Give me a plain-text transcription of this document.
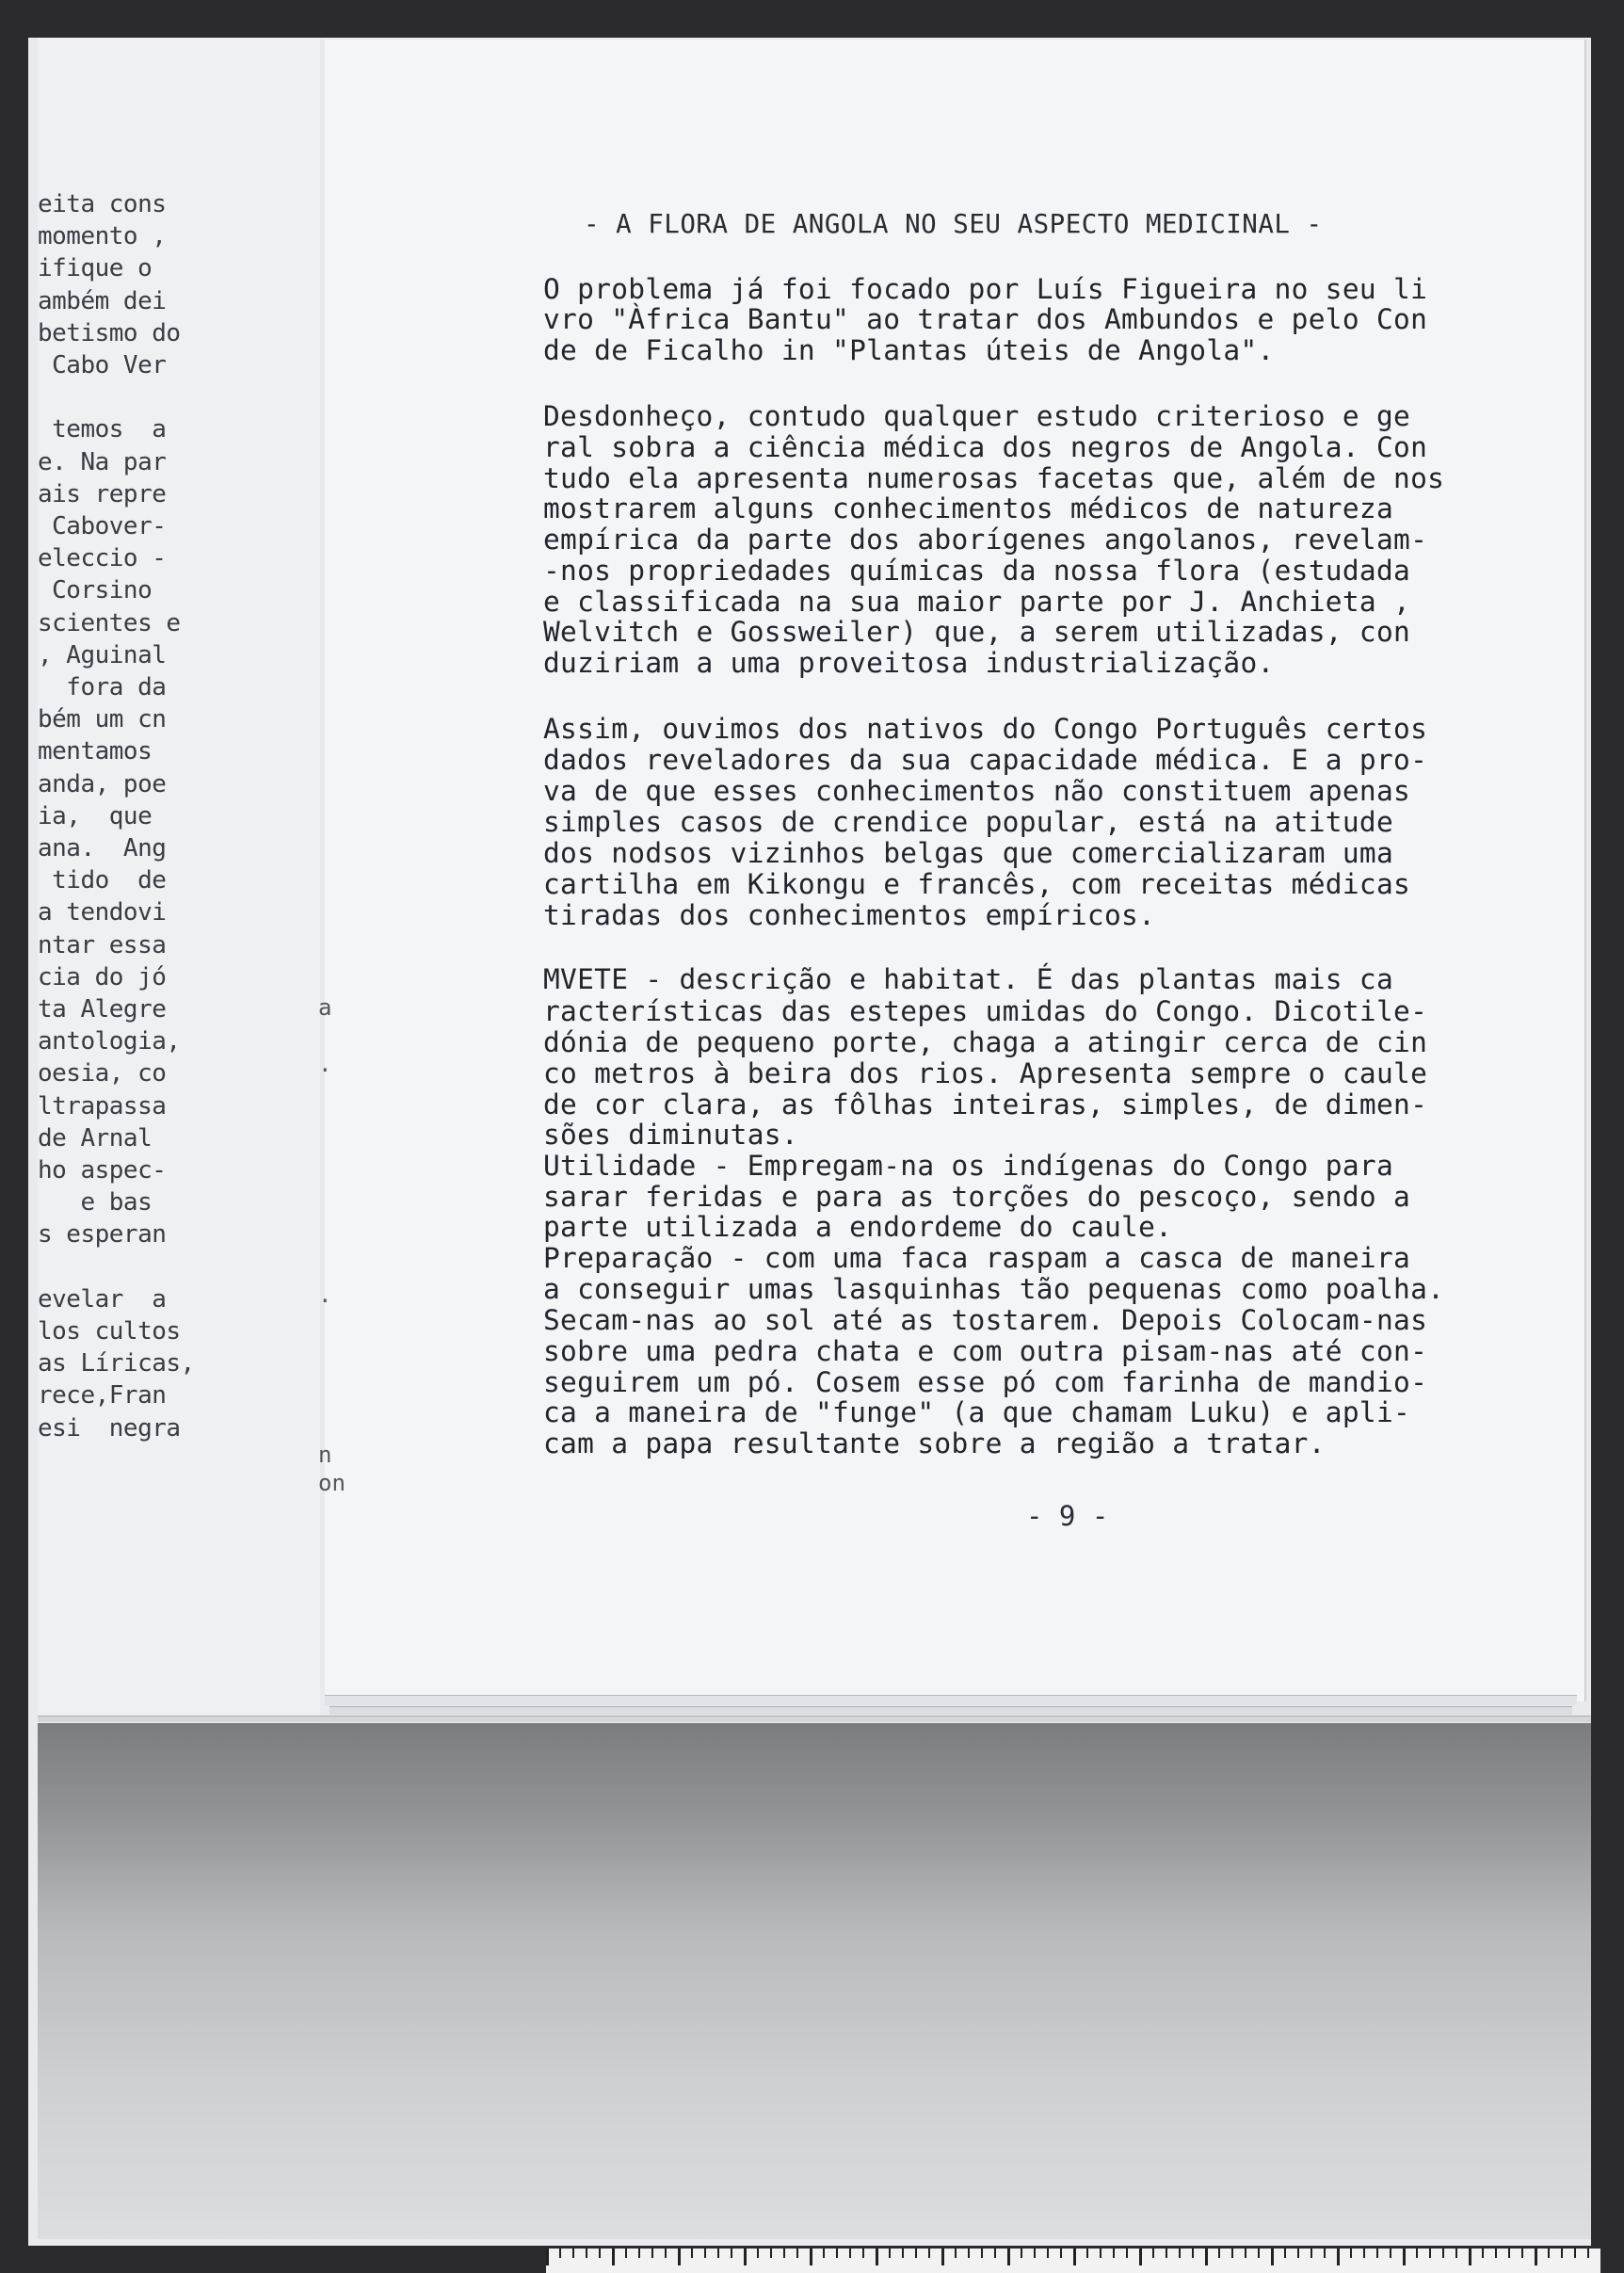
eita cons
momento ,
ifique o
ambém dei
betismo do
Cabo Ver
temos  a
e. Na par
ais repre
Cabover-
eleccio -
Corsino
scientes e
, Aguinal
fora da
bém um cn
mentamos
anda, poe
ia,  que
ana.  Ang
tido  de
a tendovi
ntar essa
cia do jó
ta Alegre
antologia,
oesia, co
ltrapassa
de Arnal
ho aspec-
e bas
s esperan
evelar  a
los cultos
as Líricas,
rece,Fran
esi  negra
- A FLORA DE ANGOLA NO SEU ASPECTO MEDICINAL -
O problema já foi focado por Luís Figueira no seu li
vro "Àfrica Bantu" ao tratar dos Ambundos e pelo Con
de de Ficalho in "Plantas úteis de Angola".
Desdonheço, contudo qualquer estudo criterioso e ge
ral sobra a ciência médica dos negros de Angola. Con
tudo ela apresenta numerosas facetas que, além de nos
mostrarem alguns conhecimentos médicos de natureza
empírica da parte dos aborígenes angolanos, revelam-
-nos propriedades químicas da nossa flora (estudada
e classificada na sua maior parte por J. Anchieta ,
Welvitch e Gossweiler) que, a serem utilizadas, con
duziriam a uma proveitosa industrialização.
Assim, ouvimos dos nativos do Congo Português certos
dados reveladores da sua capacidade médica. E a pro-
va de que esses conhecimentos não constituem apenas
simples casos de crendice popular, está na atitude
dos nodsos vizinhos belgas que comercializaram uma
cartilha em Kikongu e francês, com receitas médicas
tiradas dos conhecimentos empíricos.
MVETE - descrição e habitat. É das plantas mais ca
racterísticas das estepes umidas do Congo. Dicotile-
dónia de pequeno porte, chaga a atingir cerca de cin
co metros à beira dos rios. Apresenta sempre o caule
de cor clara, as fôlhas inteiras, simples, de dimen-
sões diminutas.
Utilidade - Empregam-na os indígenas do Congo para
sarar feridas e para as torções do pescoço, sendo a
parte utilizada a endordeme do caule.
Preparação - com uma faca raspam a casca de maneira
a conseguir umas lasquinhas tão pequenas como poalha.
Secam-nas ao sol até as tostarem. Depois Colocam-nas
sobre uma pedra chata e com outra pisam-nas até con-
seguirem um pó. Cosem esse pó com farinha de mandio-
ca a maneira de "funge" (a que chamam Luku) e apli-
cam a papa resultante sobre a região a tratar.
- 9 -
a
.
.
n
on
